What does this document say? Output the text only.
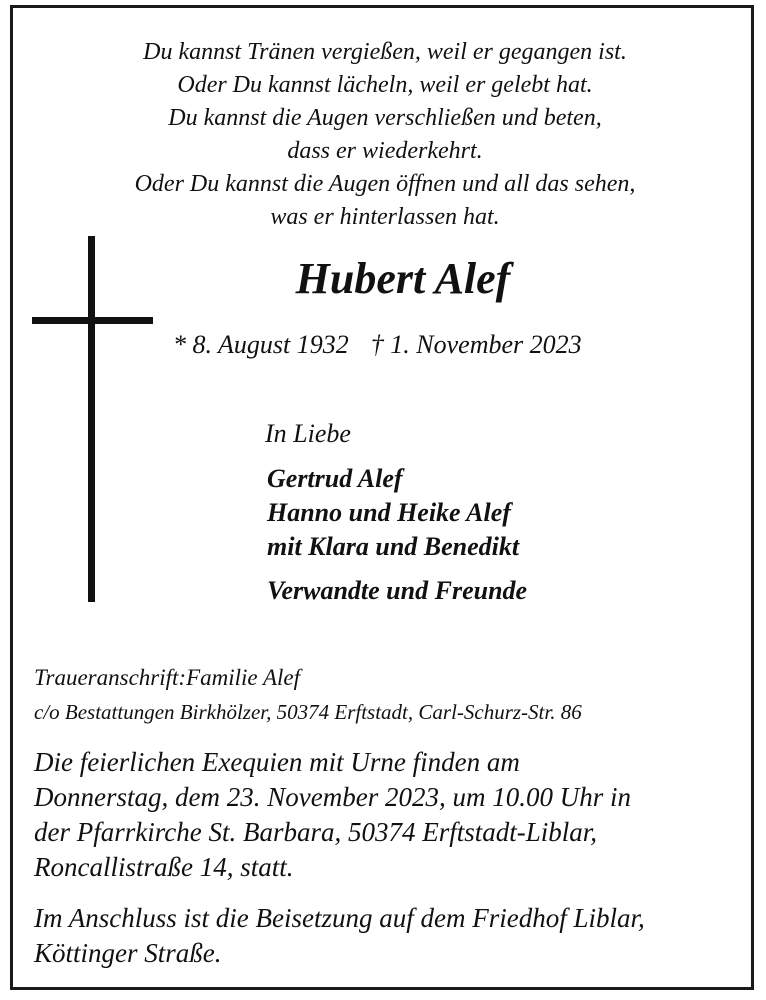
Du kannst Tränen vergießen, weil er gegangen ist.
Oder Du kannst lächeln, weil er gelebt hat.
Du kannst die Augen verschließen und beten,
dass er wiederkehrt.
Oder Du kannst die Augen öffnen und all das sehen,
was er hinterlassen hat.
Hubert Alef
* 8. August 1932 † 1. November 2023
In Liebe
Gertrud Alef
Hanno und Heike Alef
mit Klara und Benedikt
Verwandte und Freunde
Traueranschrift:Familie Alef
c/o Bestattungen Birkhölzer, 50374 Erftstadt, Carl-Schurz-Str. 86
Die feierlichen Exequien mit Urne finden am
Donnerstag, dem 23. November 2023, um 10.00 Uhr in
der Pfarrkirche St. Barbara, 50374 Erftstadt-Liblar,
Roncallistraße 14, statt.
Im Anschluss ist die Beisetzung auf dem Friedhof Liblar,
Köttinger Straße.
